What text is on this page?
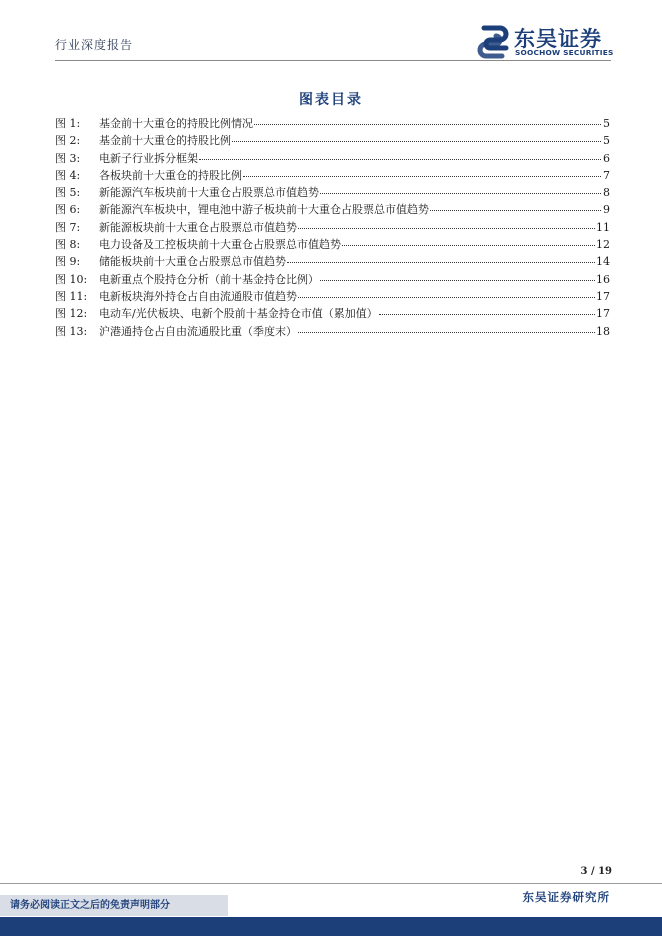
行业深度报告	东吴证券
SOOCHOW SECURITIES
图表目录
图 1:	基金前十大重仓的持股比例情况	5
图 2:	基金前十大重仓的持股比例	5
图 3:	电新子行业拆分框架	6
图 4:	各板块前十大重仓的持股比例	7
图 5:	新能源汽车板块前十大重仓占股票总市值趋势	8
图 6:	新能源汽车板块中，锂电池中游子板块前十大重仓占股票总市值趋势	9
图 7:	新能源板块前十大重仓占股票总市值趋势	11
图 8:	电力设备及工控板块前十大重仓占股票总市值趋势	12
图 9:	储能板块前十大重仓占股票总市值趋势	14
图 10:	电新重点个股持仓分析（前十基金持仓比例）	16
图 11:	电新板块海外持仓占自由流通股市值趋势	17
图 12:	电动车/光伏板块、电新个股前十基金持仓市值（累加值）	17
图 13:	沪港通持仓占自由流通股比重（季度末）	18
3 / 19
请务必阅读正文之后的免责声明部分
东吴证券研究所
